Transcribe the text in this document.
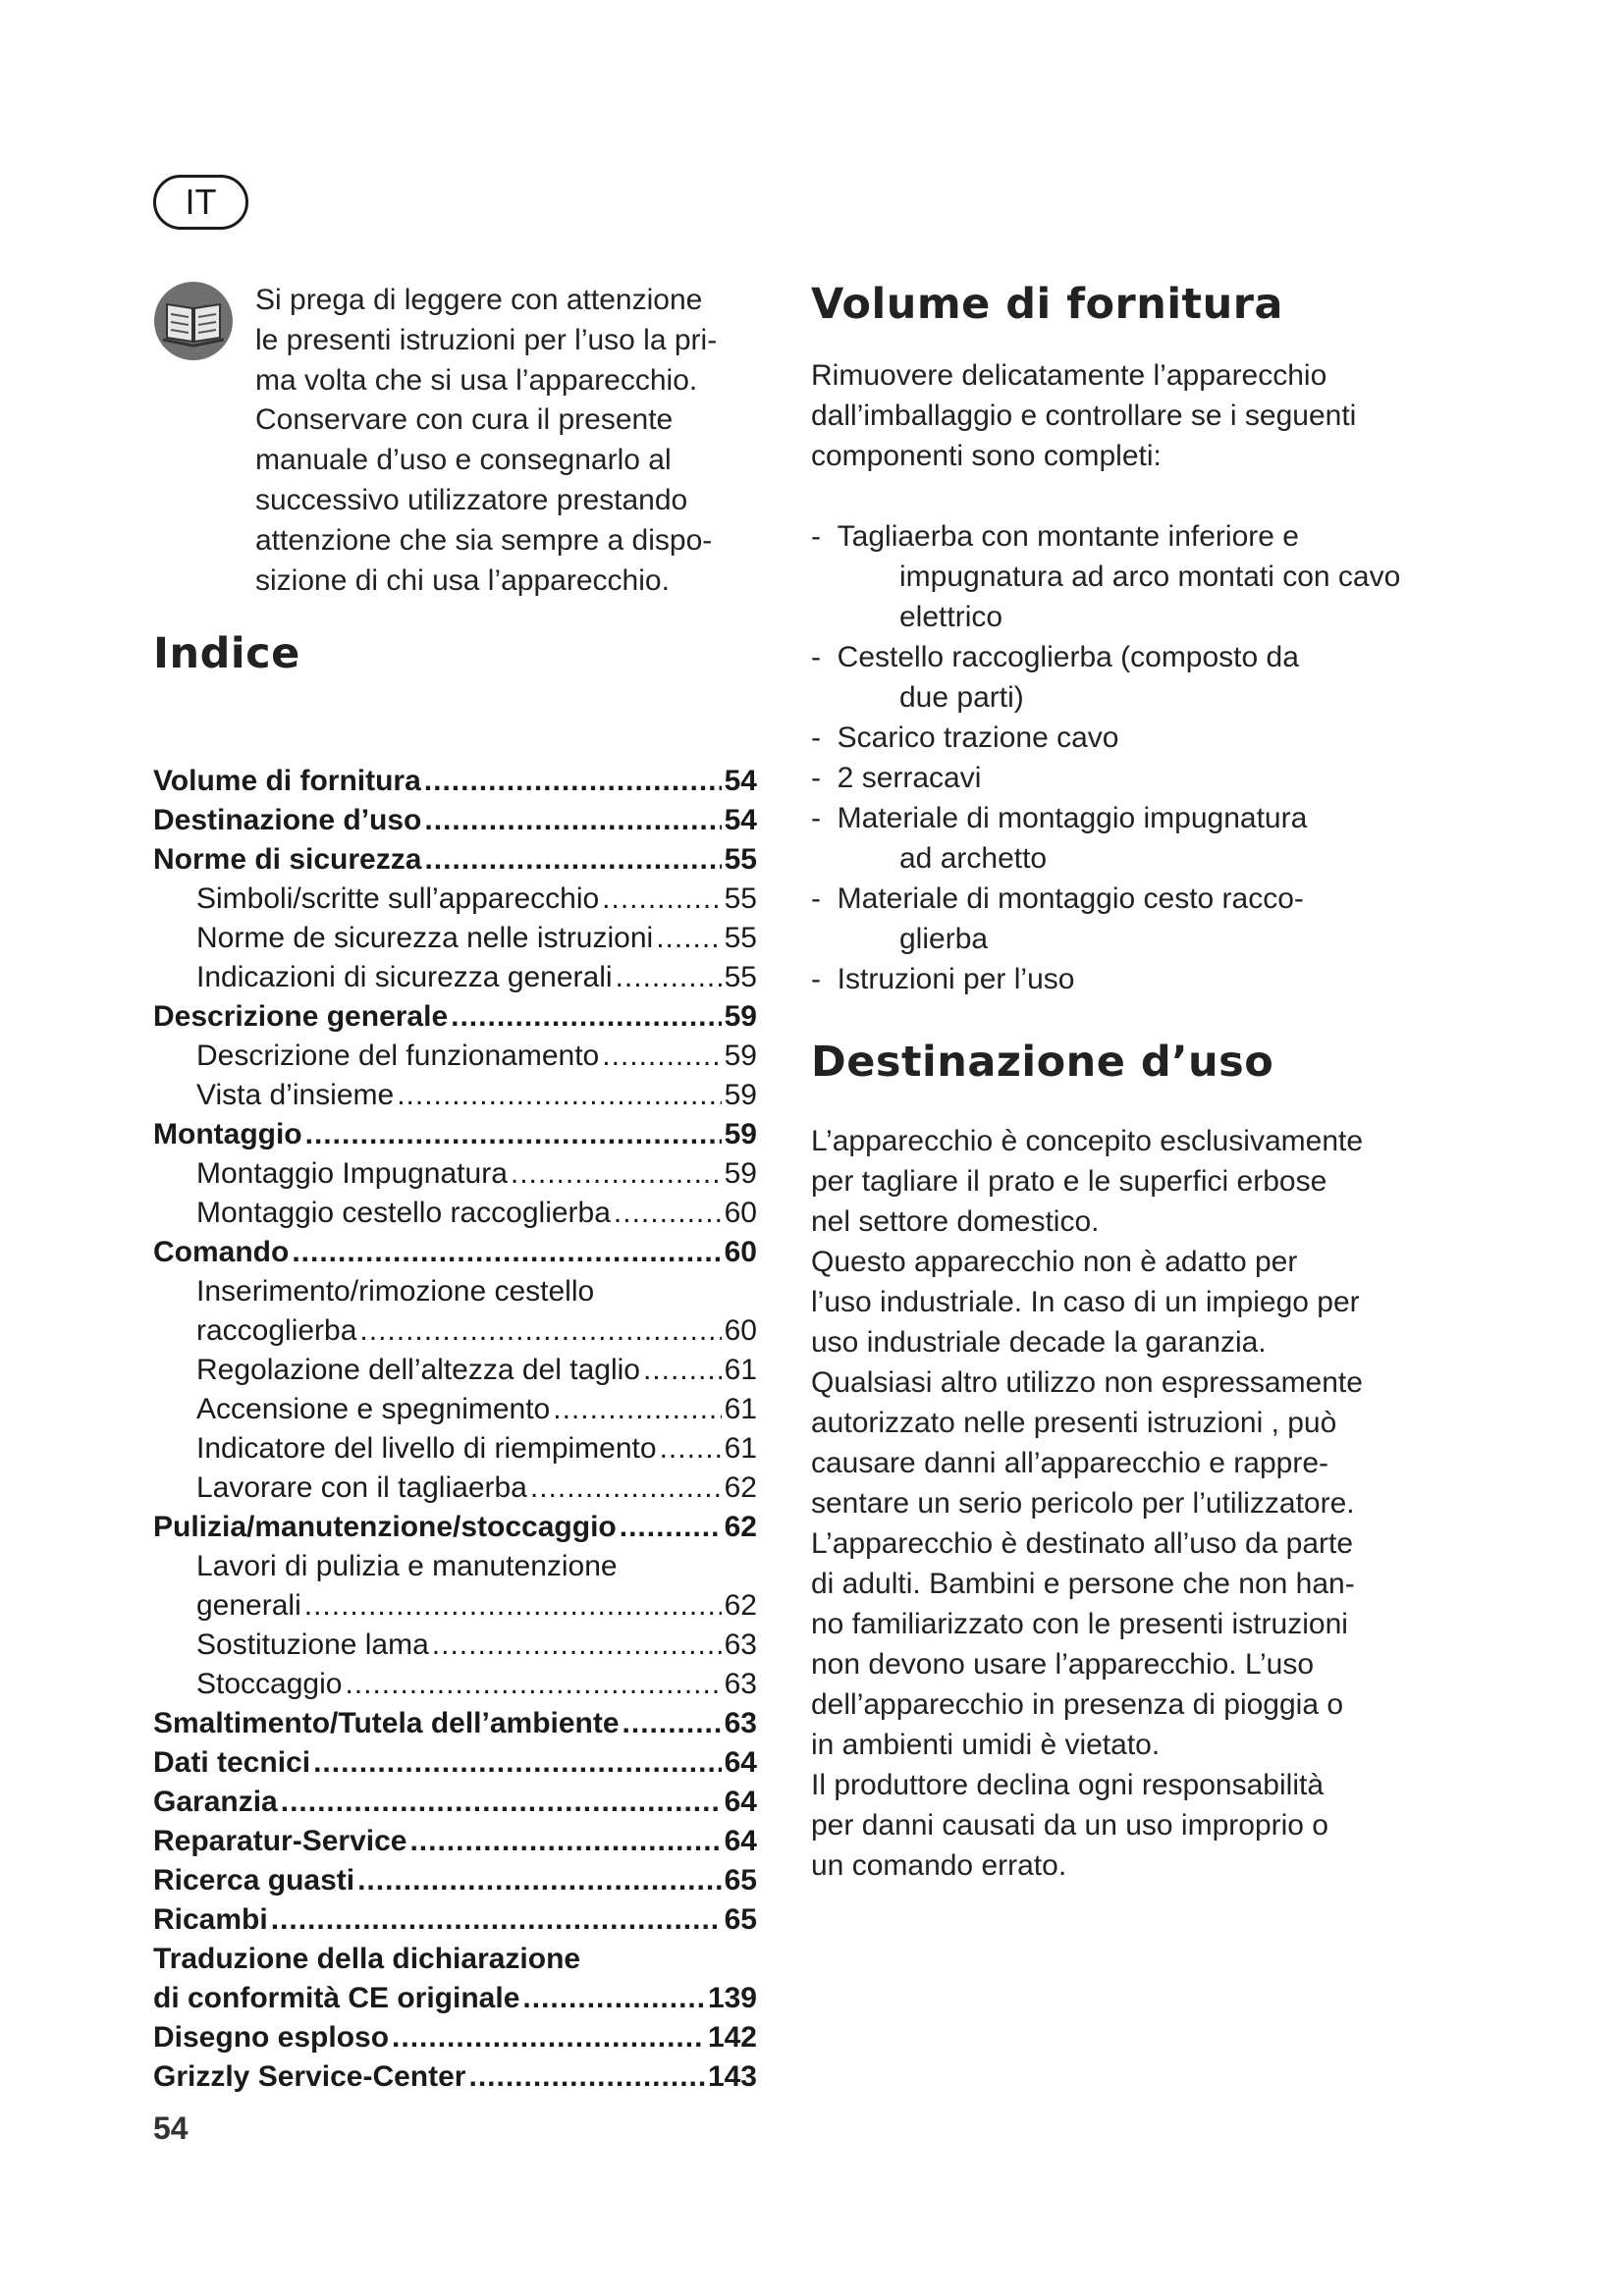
IT
Si prega di leggere con attenzione
le presenti istruzioni per l’uso la pri-
ma volta che si usa l’apparecchio.
Conservare con cura il presente
manuale d’uso e consegnarlo al
successivo utilizzatore prestando
attenzione che sia sempre a dispo-
sizione di chi usa l’apparecchio.
Indice
Volume di fornitura .....	54
Destinazione d’uso .....	54
Norme di sicurezza .....	55
Simboli/scritte sull’apparecchio .....	55
Norme de sicurezza nelle istruzioni ..... 55
Indicazioni di sicurezza generali .....	55
Descrizione generale .....	59
Descrizione del funzionamento .....	59
Vista d’insieme .....	59
Montaggio .....	59
Montaggio Impugnatura .....	59
Montaggio cestello raccoglierba .....	60
Comando .....	60
Inserimento/rimozione cestello
raccoglierba .....	60
Regolazione dell’altezza del taglio .....	61
Accensione e spegnimento .....	61
Indicatore del livello di riempimento ..... 61
Lavorare con il tagliaerba .....	62
Pulizia/manutenzione/stoccaggio .....	62
Lavori di pulizia e manutenzione
generali .....	62
Sostituzione lama .....	63
Stoccaggio .....	63
Smaltimento/Tutela dell’ambiente .....	63
Dati tecnici .....	64
Garanzia .....	64
Reparatur-Service .....	64
Ricerca guasti .....	65
Ricambi .....	65
Traduzione della dichiarazione
di conformità CE originale .....	139
Disegno esploso .....	142
Grizzly Service-Center .....	143
Volume di fornitura
Rimuovere delicatamente l’apparecchio
dall’imballaggio e controllare se i seguenti
componenti sono completi:
-  Tagliaerba con montante inferiore e
impugnatura ad arco montati con cavo
elettrico
-  Cestello raccoglierba (composto da
due parti)
-  Scarico trazione cavo
-  2 serracavi
-  Materiale di montaggio impugnatura
ad archetto
-  Materiale di montaggio cesto racco-
glierba
-  Istruzioni per l’uso
Destinazione d’uso
L’apparecchio è concepito esclusivamente
per tagliare il prato e le superfici erbose
nel settore domestico.
Questo apparecchio non è adatto per
l’uso industriale. In caso di un impiego per
uso industriale decade la garanzia.
Qualsiasi altro utilizzo non espressamente
autorizzato nelle presenti istruzioni , può
causare danni all’apparecchio e rappre-
sentare un serio pericolo per l’utilizzatore.
L’apparecchio è destinato all’uso da parte
di adulti. Bambini e persone che non han-
no familiarizzato con le presenti istruzioni
non devono usare l’apparecchio. L’uso
dell’apparecchio in presenza di pioggia o
in ambienti umidi è vietato.
Il produttore declina ogni responsabilità
per danni causati da un uso improprio o
un comando errato.
54
